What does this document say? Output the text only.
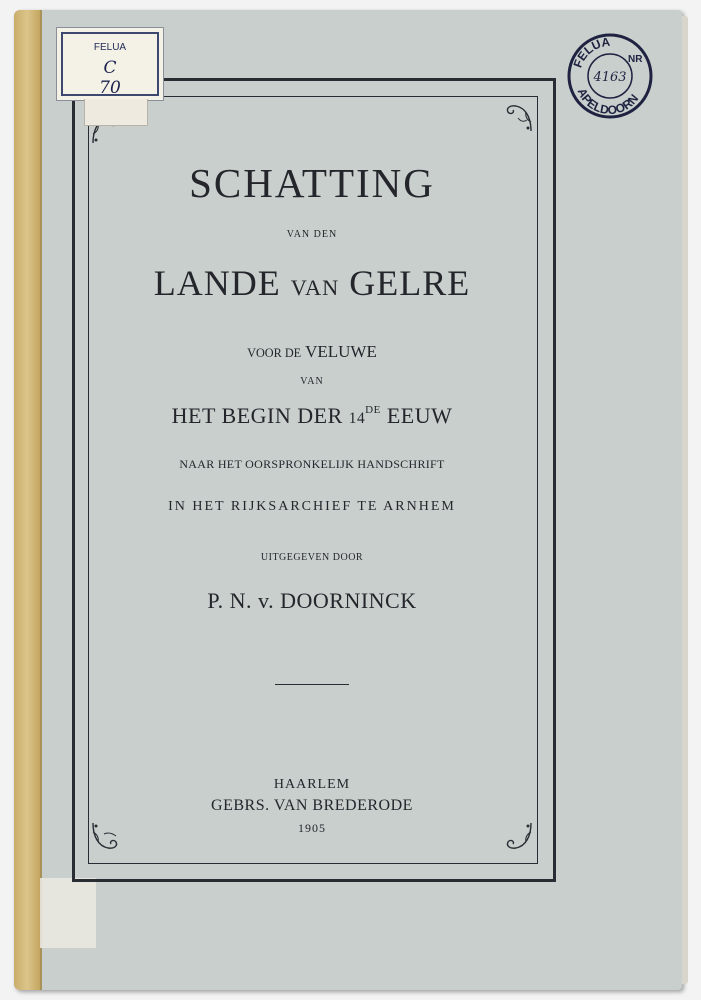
FELUA
C
70
FELUA
NR
APELDOORN
4163
SCHATTING
VAN DEN
LANDE VAN GELRE
VOOR DE VELUWE
VAN
HET BEGIN DER 14DE EEUW
NAAR HET OORSPRONKELIJK HANDSCHRIFT
IN HET RIJKSARCHIEF TE ARNHEM
UITGEGEVEN DOOR
P. N. v. DOORNINCK
HAARLEM
GEBRS. VAN BREDERODE
1905
